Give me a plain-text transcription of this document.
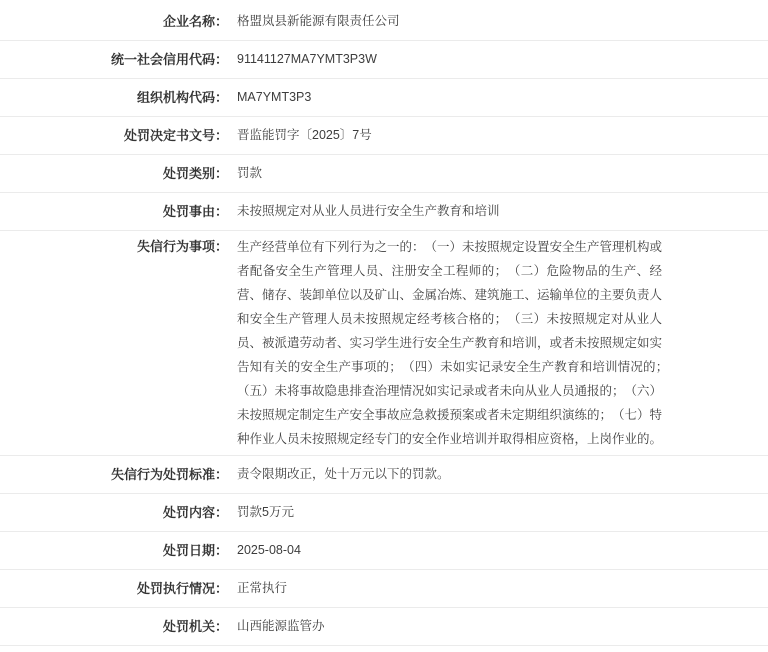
企业名称： 格盟岚县新能源有限责任公司
统一社会信用代码： 91141127MA7YMT3P3W
组织机构代码： MA7YMT3P3
处罚决定书文号： 晋监能罚字〔2025〕7号
处罚类别： 罚款
处罚事由： 未按照规定对从业人员进行安全生产教育和培训
失信行为事项： 生产经营单位有下列行为之一的：　（一）未按照规定设置安全生产管理机构或者配备安全生产管理人员、注册安全工程师的；　（二）危险物品的生产、经营、储存、装卸单位以及矿山、金属冶炼、建筑施工、运输单位的主要负责人和安全生产管理人员未按照规定经考核合格的；　（三）未按照规定对从业人员、被派遣劳动者、实习学生进行安全生产教育和培训，或者未按照规定如实告知有关的安全生产事项的；　（四）未如实记录安全生产教育和培训情况的；　（五）未将事故隐患排查治理情况如实记录或者未向从业人员通报的；　（六）未按照规定制定生产安全事故应急救援预案或者未定期组织演练的；　（七）特种作业人员未按照规定经专门的安全作业培训并取得相应资格，上岗作业的。
失信行为处罚标准： 责令限期改正，处十万元以下的罚款。
处罚内容： 罚款5万元
处罚日期： 2025-08-04
处罚执行情况： 正常执行
处罚机关： 山西能源监管办
